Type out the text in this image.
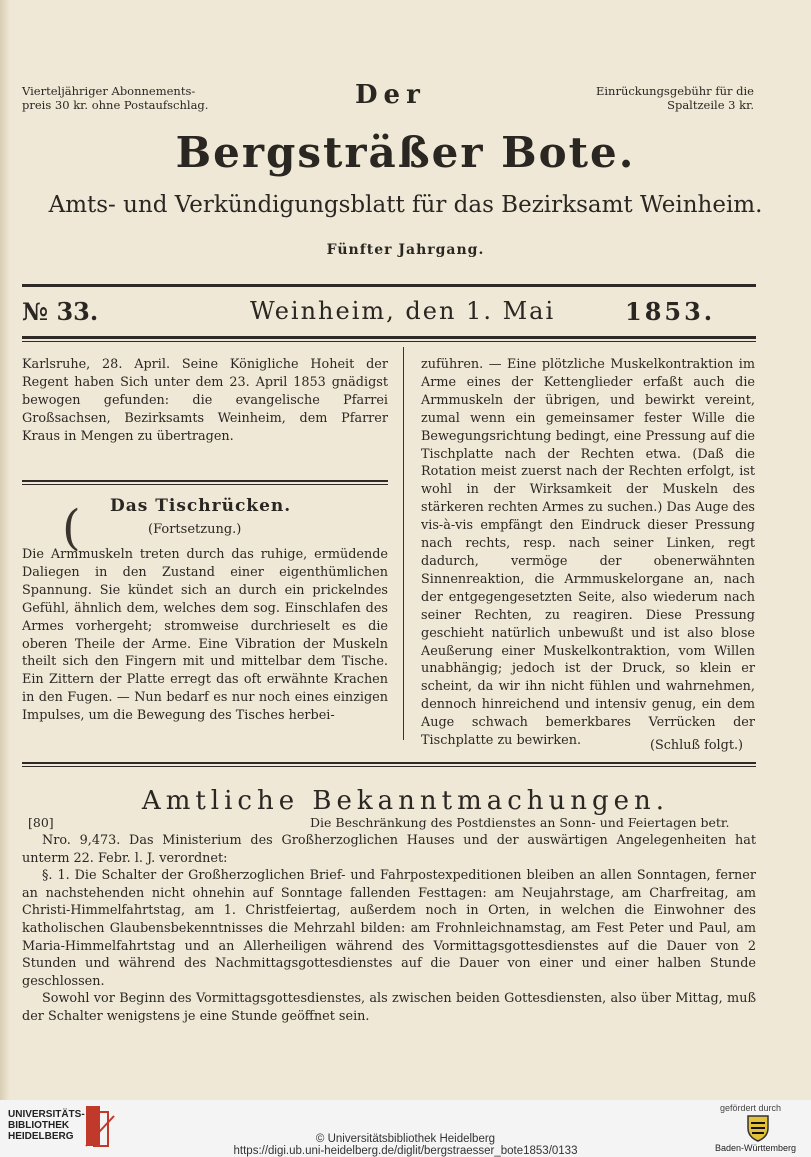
Vierteljähriger Abonnements-
preis 30 kr. ohne Postaufschlag.
Einrückungsgebühr für die
Spaltzeile 3 kr.
Der
Bergsträßer Bote.
Amts- und Verkündigungsblatt für das Bezirksamt Weinheim.
Fünfter Jahrgang.
№ 33.	Weinheim, den 1. Mai	1853.
Karlsruhe, 28. April. Seine Königliche Hoheit der Regent haben Sich unter dem 23. April 1853 gnädigst bewogen gefunden: die evangelische Pfarrei Großsachsen, Bezirksamts Weinheim, dem Pfarrer Kraus in Mengen zu übertragen.
( Das Tischrücken.
(Fortsetzung.)
Die Armmuskeln treten durch das ruhige, ermüdende Daliegen in den Zustand einer eigenthümlichen Spannung. Sie kündet sich an durch ein prickelndes Gefühl, ähnlich dem, welches dem sog. Einschlafen des Armes vorhergeht; stromweise durchrieselt es die oberen Theile der Arme. Eine Vibration der Muskeln theilt sich den Fingern mit und mittelbar dem Tische. Ein Zittern der Platte erregt das oft erwähnte Krachen in den Fugen. — Nun bedarf es nur noch eines einzigen Impulses, um die Bewegung des Tisches herbei-
zuführen. — Eine plötzliche Muskelkontraktion im Arme eines der Kettenglieder erfaßt auch die Armmuskeln der übrigen, und bewirkt vereint, zumal wenn ein gemeinsamer fester Wille die Bewegungsrichtung bedingt, eine Pressung auf die Tischplatte nach der Rechten etwa. (Daß die Rotation meist zuerst nach der Rechten erfolgt, ist wohl in der Wirksamkeit der Muskeln des stärkeren rechten Armes zu suchen.) Das Auge des vis-à-vis empfängt den Eindruck dieser Pressung nach rechts, resp. nach seiner Linken, regt dadurch, vermöge der obenerwähnten Sinnenreaktion, die Armmuskelorgane an, nach der entgegengesetzten Seite, also wiederum nach seiner Rechten, zu reagiren. Diese Pressung geschieht natürlich unbewußt und ist also blose Aeußerung einer Muskelkontraktion, vom Willen unabhängig; jedoch ist der Druck, so klein er scheint, da wir ihn nicht fühlen und wahrnehmen, dennoch hinreichend und intensiv genug, ein dem Auge schwach bemerkbares Verrücken der Tischplatte zu bewirken.	(Schluß folgt.)
Amtliche Bekanntmachungen.
[80]	Die Beschränkung des Postdienstes an Sonn- und Feiertagen betr.

Nro. 9,473. Das Ministerium des Großherzoglichen Hauses und der auswärtigen Angelegenheiten hat unterm 22. Febr. l. J. verordnet:

§. 1. Die Schalter der Großherzoglichen Brief- und Fahrpostexpeditionen bleiben an allen Sonntagen, ferner an nachstehenden nicht ohnehin auf Sonntage fallenden Festtagen: am Neujahrstage, am Charfreitag, am Christi-Himmelfahrtstag, am 1. Christfeiertag, außerdem noch in Orten, in welchen die Einwohner des katholischen Glaubensbekenntnisses die Mehrzahl bilden: am Frohnleichnamstag, am Fest Peter und Paul, am Maria-Himmelfahrtstag und an Allerheiligen während des Vormittagsgottesdienstes auf die Dauer von 2 Stunden und während des Nachmittagsgottesdienstes auf die Dauer von einer und einer halben Stunde geschlossen.

Sowohl vor Beginn des Vormittagsgottesdienstes, als zwischen beiden Gottesdiensten, also über Mittag, muß der Schalter wenigstens je eine Stunde geöffnet sein.

UNIVERSITÄTS-
BIBLIOTHEK
HEIDELBERG	© Universitätsbibliothek Heidelberg
https://digi.ub.uni-heidelberg.de/diglit/bergstraesser_bote1853/0133
gefördert durch
Baden-Württemberg
